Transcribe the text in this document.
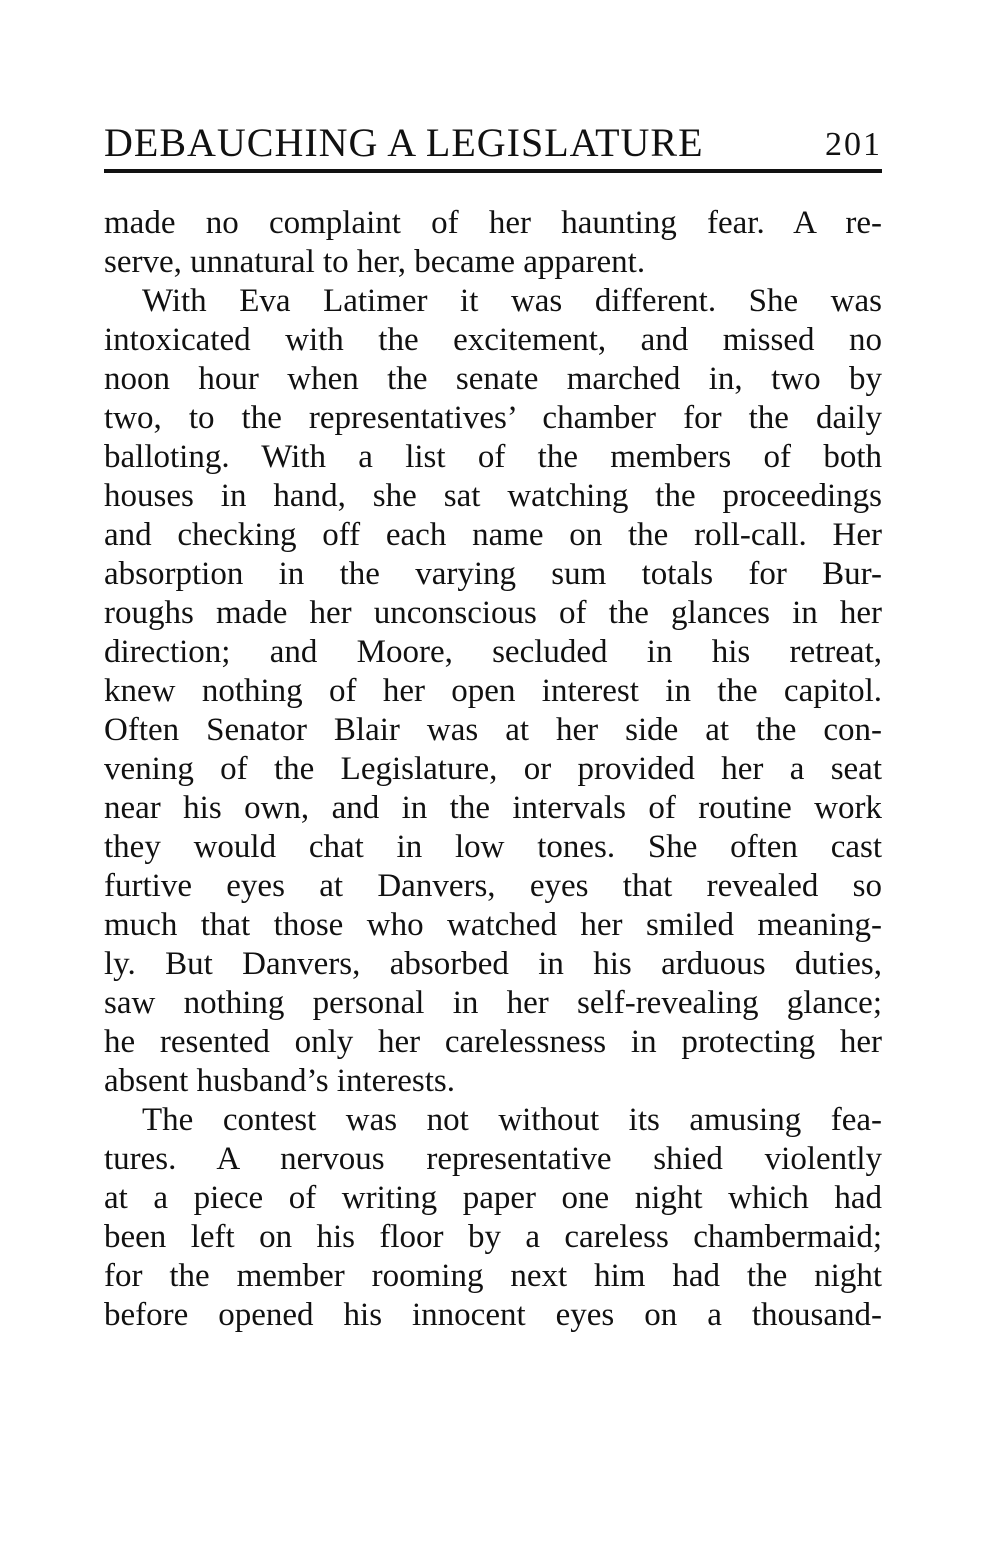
DEBAUCHING A LEGISLATURE	201
made no complaint of her haunting fear. A re-
serve, unnatural to her, became apparent.
With Eva Latimer it was different. She was
intoxicated with the excitement, and missed no
noon hour when the senate marched in, two by
two, to the representatives’ chamber for the daily
balloting. With a list of the members of both
houses in hand, she sat watching the proceedings
and checking off each name on the roll-call. Her
absorption in the varying sum totals for Bur-
roughs made her unconscious of the glances in her
direction; and Moore, secluded in his retreat,
knew nothing of her open interest in the capitol.
Often Senator Blair was at her side at the con-
vening of the Legislature, or provided her a seat
near his own, and in the intervals of routine work
they would chat in low tones. She often cast
furtive eyes at Danvers, eyes that revealed so
much that those who watched her smiled meaning-
ly. But Danvers, absorbed in his arduous duties,
saw nothing personal in her self-revealing glance;
he resented only her carelessness in protecting her
absent husband’s interests.
The contest was not without its amusing fea-
tures. A nervous representative shied violently
at a piece of writing paper one night which had
been left on his floor by a careless chambermaid;
for the member rooming next him had the night
before opened his innocent eyes on a thousand-
